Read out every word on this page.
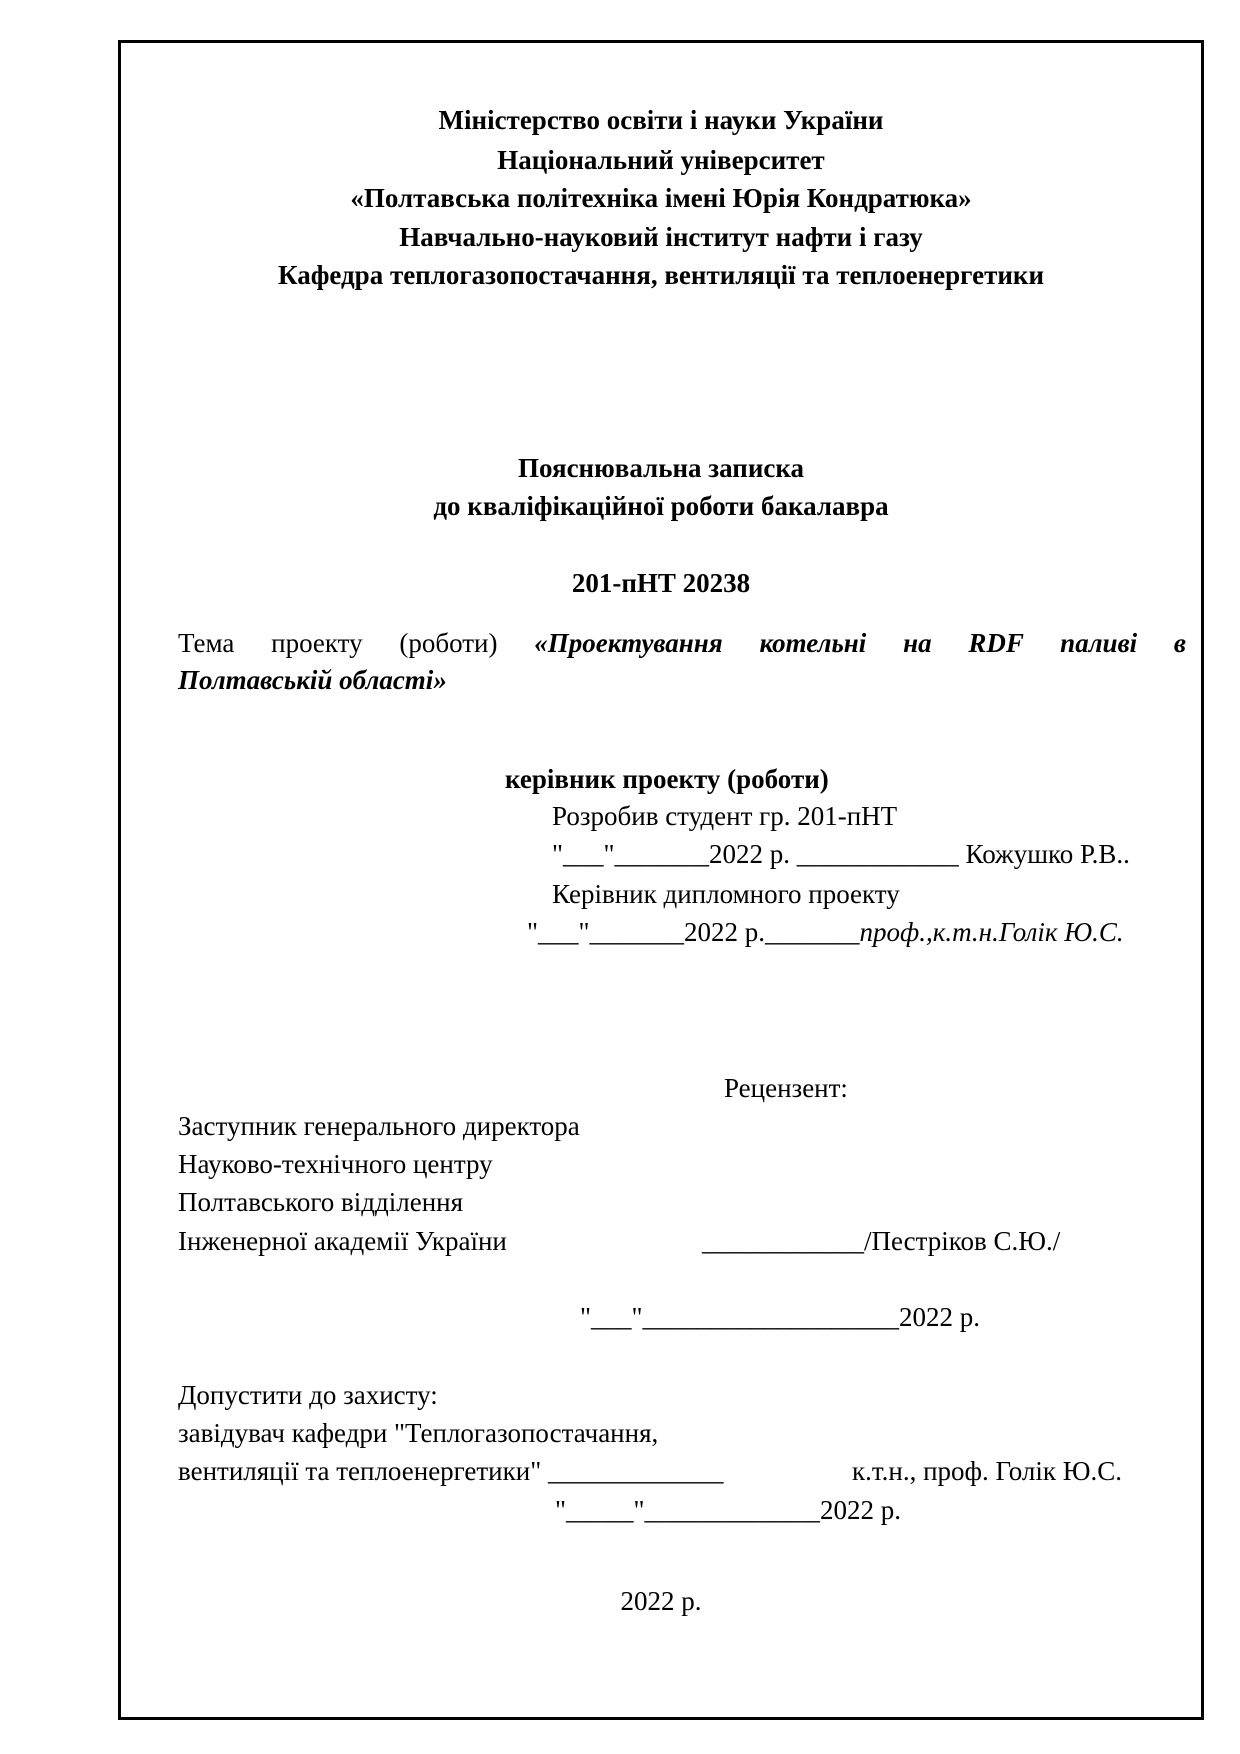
Міністерство освіти і науки України
Національний університет
«Полтавська політехніка імені Юрія Кондратюка»
Навчально-науковий інститут нафти і газу
Кафедра теплогазопостачання, вентиляції та теплоенергетики
Пояснювальна записка
до кваліфікаційної роботи бакалавра
201-пНТ 20238
Тема проекту (роботи) «Проектування котельні на RDF паливі в
Полтавській області»
керівник проекту (роботи)
Розробив студент гр. 201-пНТ
"___"_______2022 р. ____________ Кожушко Р.В..
Керівник дипломного проекту
"___"_______2022 р._______проф.,к.т.н.Голік Ю.С.
Рецензент:
Заступник генерального директора
Науково-технічного центру
Полтавського відділення
Інженерної академії України	____________/Пестріков С.Ю./
"___"___________________2022 р.
Допустити до захисту:
завідувач кафедри "Теплогазопостачання,
вентиляції та теплоенергетики" _____________	к.т.н., проф. Голік Ю.С.
"_____"_____________2022 р.
2022 р.
